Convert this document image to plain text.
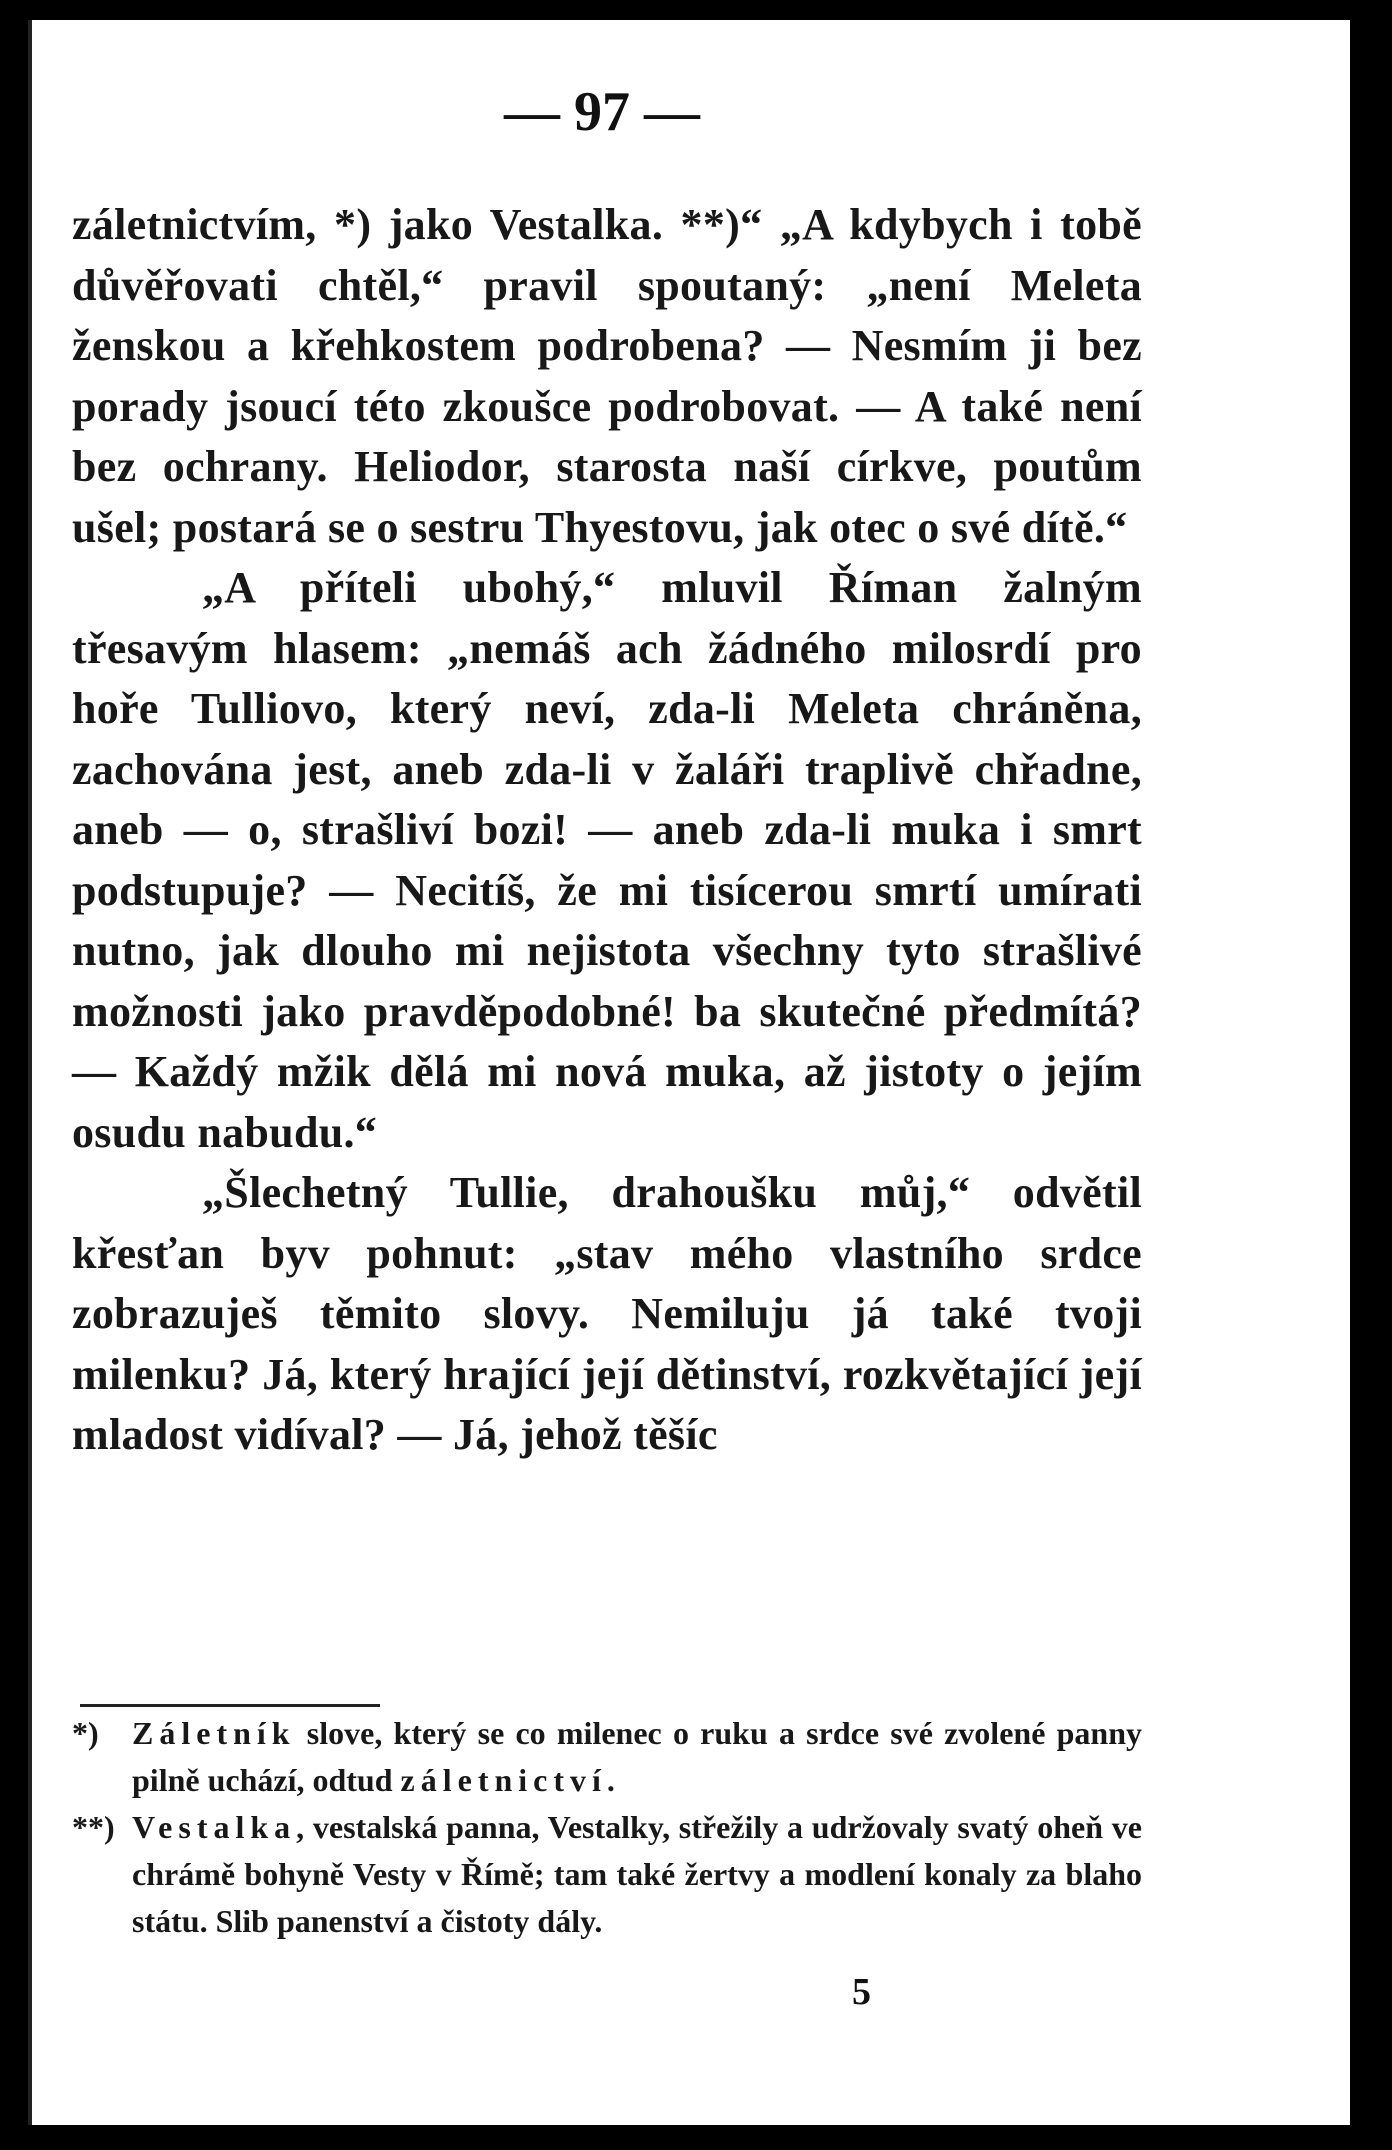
— 97 —

záletnictvím, *) jako Vestalka. **)“ „A kdybych i tobě důvěřovati chtěl,“ pravil spoutaný: „není Meleta ženskou a křehkostem podrobena? — Nesmím ji bez porady jsoucí této zkoušce podrobovat. — A také není bez ochrany. Heliodor, starosta naší církve, poutům ušel; postará se o sestru Thyestovu, jak otec o své dítě.“

„A příteli ubohý,“ mluvil Říman žalným třesavým hlasem: „nemáš ach žádného milosrdí pro hoře Tulliovo, který neví, zda-li Meleta chráněna, zachována jest, aneb zda-li v žaláři traplivě chřadne, aneb — o, strašliví bozi! — aneb zda-li muka i smrt podstupuje? — Necitíš, že mi tisícerou smrtí umírati nutno, jak dlouho mi nejistota všechny tyto strašlivé možnosti jako pravděpodobné! ba skutečné předmítá? — Každý mžik dělá mi nová muka, až jistoty o jejím osudu nabudu.“

„Šlechetný Tullie, drahoušku můj,“ odvětil křesťan byv pohnut: „stav mého vlastního srdce zobrazuješ těmito slovy. Nemiluju já také tvoji milenku? Já, který hrající její dětinství, rozkvětající její mladost vidíval? — Já, jehož těšíc

*) Záletník slove, který se co milenec o ruku a srdce své zvolené panny pilně uchází, odtud záletnictví.

**) Vestalka, vestalská panna, Vestalky, střežily a udržovaly svatý oheň ve chrámě bohyně Vesty v Římě; tam také žertvy a modlení konaly za blaho státu. Slib panenství a čistoty dály.

5
